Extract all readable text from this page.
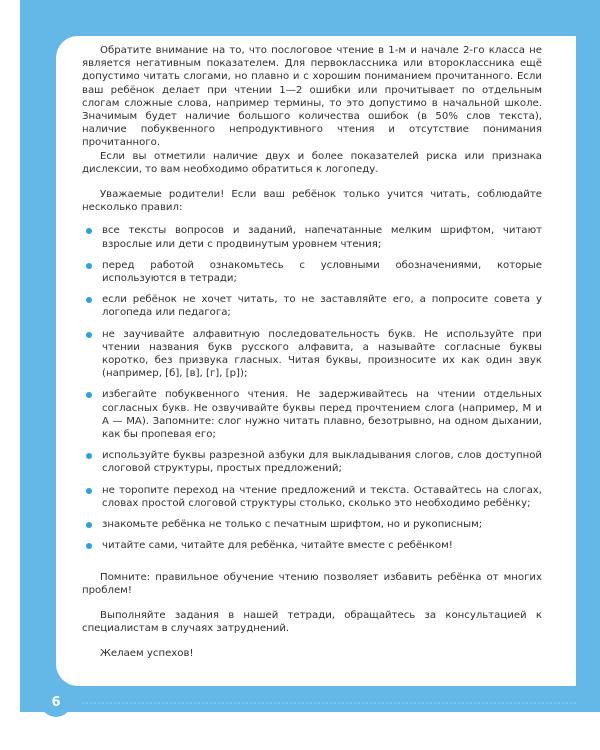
Обратите внимание на то, что послоговое чтение в 1-м и начале 2-го класса не является негативным показателем. Для первоклассника или второклассника ещё допустимо читать слогами, но плавно и с хорошим пониманием прочитанного. Если ваш ребёнок делает при чтении 1—2 ошибки или прочитывает по отдельным слогам сложные слова, например термины, то это допустимо в начальной школе. Значимым будет наличие большого количества ошибок (в 50% слов текста), наличие побуквенного непродуктивного чтения и отсутствие понимания прочитанного.

Если вы отметили наличие двух и более показателей риска или признака дислексии, то вам необходимо обратиться к логопеду.

Уважаемые родители! Если ваш ребёнок только учится читать, соблюдайте несколько правил:

все тексты вопросов и заданий, напечатанные мелким шрифтом, читают взрослые или дети с продвинутым уровнем чтения;
перед работой ознакомьтесь с условными обозначениями, которые используются в тетради;
если ребёнок не хочет читать, то не заставляйте его, а попросите совета у логопеда или педагога;
не заучивайте алфавитную последовательность букв. Не используйте при чтении названия букв русского алфавита, а называйте согласные буквы коротко, без призвука гласных. Читая буквы, произносите их как один звук (например, [б], [в], [г], [р]);
избегайте побуквенного чтения. Не задерживайтесь на чтении отдельных согласных букв. Не озвучивайте буквы перед прочтением слога (например, М и А — МА). Запомните: слог нужно читать плавно, безотрывно, на одном дыхании, как бы пропевая его;
используйте буквы разрезной азбуки для выкладывания слогов, слов доступной слоговой структуры, простых предложений;
не торопите переход на чтение предложений и текста. Оставайтесь на слогах, словах простой слоговой структуры столько, сколько это необходимо ребёнку;
знакомьте ребёнка не только с печатным шрифтом, но и рукописным;
читайте сами, читайте для ребёнка, читайте вместе с ребёнком!

Помните: правильное обучение чтению позволяет избавить ребёнка от многих проблем!

Выполняйте задания в нашей тетради, обращайтесь за консультацией к специалистам в случаях затруднений.

Желаем успехов!

6
